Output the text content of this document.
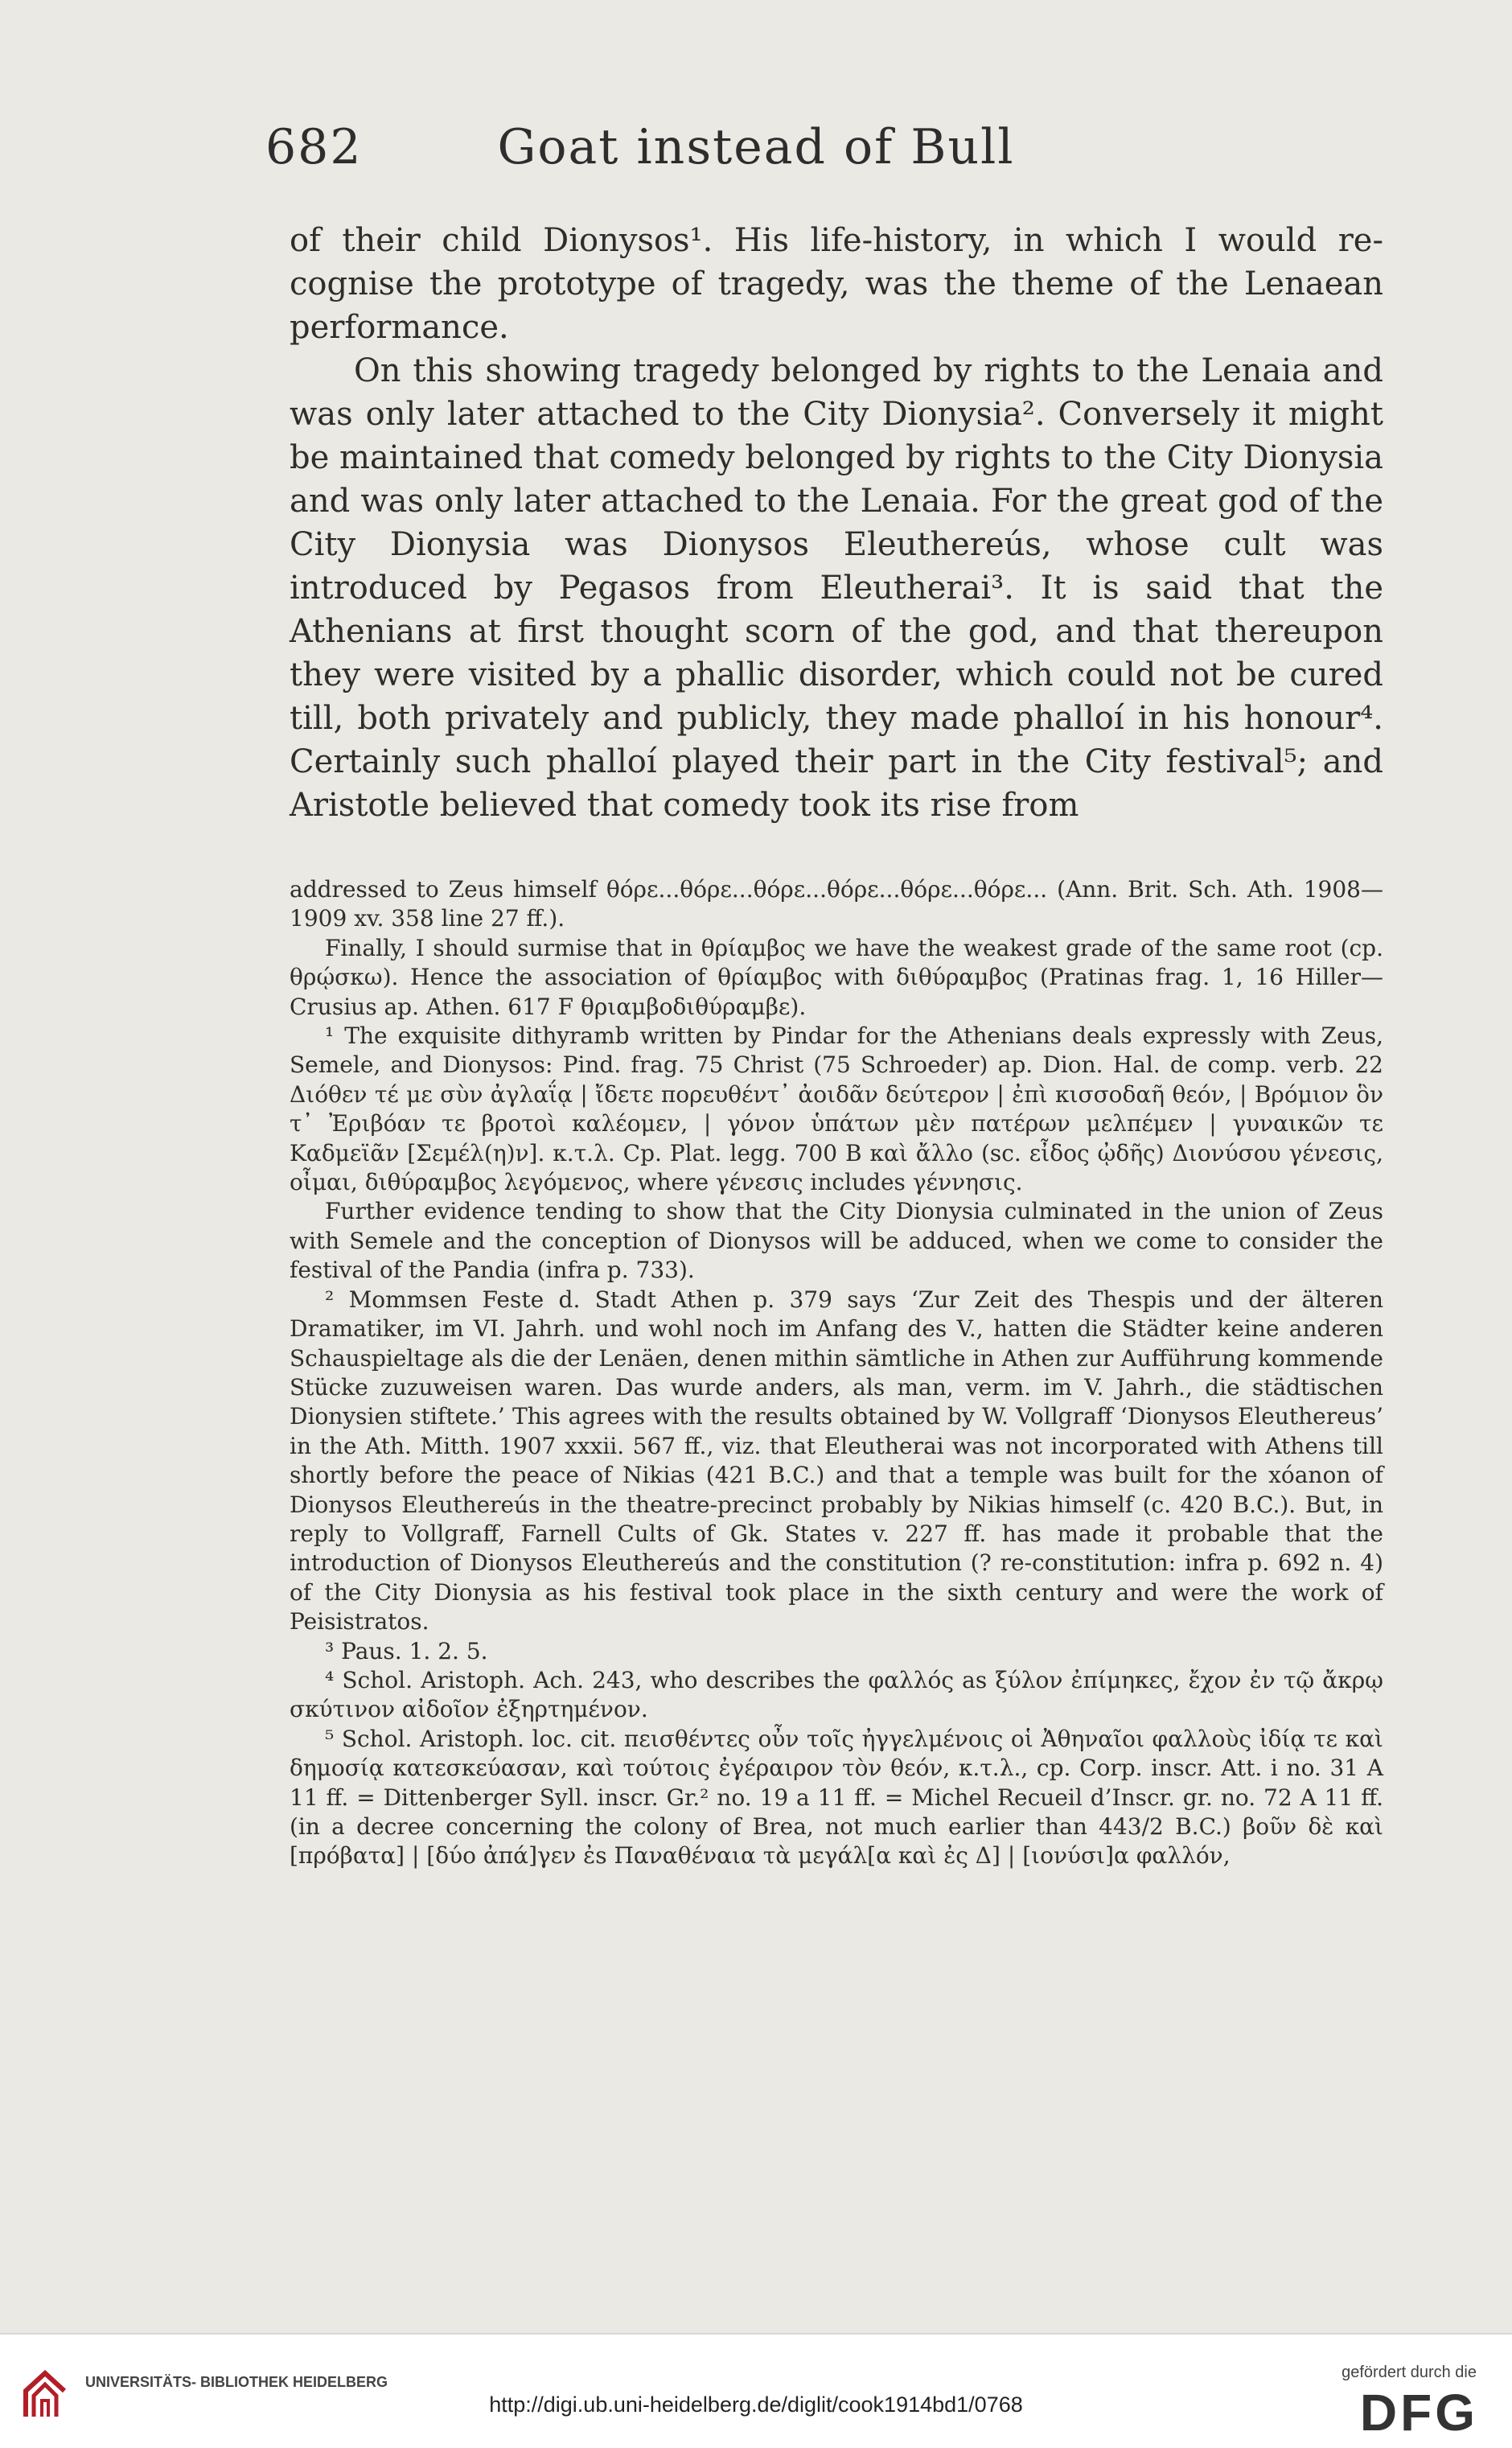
682	Goat instead of Bull

of their child Dionysos¹. His life-history, in which I would re-cognise the prototype of tragedy, was the theme of the Lenaean performance.

On this showing tragedy belonged by rights to the Lenaia and was only later attached to the City Dionysia². Conversely it might be maintained that comedy belonged by rights to the City Dionysia and was only later attached to the Lenaia. For the great god of the City Dionysia was Dionysos Eleuthereús, whose cult was introduced by Pegasos from Eleutherai³. It is said that the Athenians at first thought scorn of the god, and that thereupon they were visited by a phallic disorder, which could not be cured till, both privately and publicly, they made phalloí in his honour⁴. Certainly such phalloí played their part in the City festival⁵; and Aristotle believed that comedy took its rise from

addressed to Zeus himself θόρε...θόρε...θόρε...θόρε...θόρε...θόρε... (Ann. Brit. Sch. Ath. 1908—1909 xv. 358 line 27 ff.).

Finally, I should surmise that in θρίαμβος we have the weakest grade of the same root (cp. θρῴσκω). Hence the association of θρίαμβος with διθύραμβος (Pratinas frag. 1, 16 Hiller—Crusius ap. Athen. 617 F θριαμβοδιθύραμβε).

¹ The exquisite dithyramb written by Pindar for the Athenians deals expressly with Zeus, Semele, and Dionysos: Pind. frag. 75 Christ (75 Schroeder) ap. Dion. Hal. de comp. verb. 22 Διόθεν τέ με σὺν ἀγλαΐᾳ | ἴδετε πορευθέντ᾽ ἀοιδᾶν δεύτερον | ἐπὶ κισσοδαῆ θεόν, | Βρόμιον ὃν τ᾽ Ἐριβόαν τε βροτοὶ καλέομεν, | γόνον ὑπάτων μὲν πατέρων μελπέμεν | γυναικῶν τε Καδμεϊᾶν [Σεμέλ(η)ν]. κ.τ.λ. Cp. Plat. legg. 700 B καὶ ἄλλο (sc. εἶδος ᾠδῆς) Διονύσου γένεσις, οἶμαι, διθύραμβος λεγόμενος, where γένεσις includes γέννησις.

Further evidence tending to show that the City Dionysia culminated in the union of Zeus with Semele and the conception of Dionysos will be adduced, when we come to consider the festival of the Pandia (infra p. 733).

² Mommsen Feste d. Stadt Athen p. 379 says ‘Zur Zeit des Thespis und der älteren Dramatiker, im VI. Jahrh. und wohl noch im Anfang des V., hatten die Städter keine anderen Schauspieltage als die der Lenäen, denen mithin sämtliche in Athen zur Aufführung kommende Stücke zuzuweisen waren. Das wurde anders, als man, verm. im V. Jahrh., die städtischen Dionysien stiftete.’ This agrees with the results obtained by W. Vollgraff ‘Dionysos Eleuthereus’ in the Ath. Mitth. 1907 xxxii. 567 ff., viz. that Eleutherai was not incorporated with Athens till shortly before the peace of Nikias (421 B.C.) and that a temple was built for the xóanon of Dionysos Eleuthereús in the theatre-precinct probably by Nikias himself (c. 420 B.C.). But, in reply to Vollgraff, Farnell Cults of Gk. States v. 227 ff. has made it probable that the introduction of Dionysos Eleuthereús and the constitution (? re-constitution: infra p. 692 n. 4) of the City Dionysia as his festival took place in the sixth century and were the work of Peisistratos.

³ Paus. 1. 2. 5.

⁴ Schol. Aristoph. Ach. 243, who describes the φαλλός as ξύλον ἐπίμηκες, ἔχον ἐν τῷ ἄκρῳ σκύτινον αἰδοῖον ἐξηρτημένον.

⁵ Schol. Aristoph. loc. cit. πεισθέντες οὖν τοῖς ἠγγελμένοις οἱ Ἀθηναῖοι φαλλοὺς ἰδίᾳ τε καὶ δημοσίᾳ κατεσκεύασαν, καὶ τούτοις ἐγέραιρον τὸν θεόν, κ.τ.λ., cp. Corp. inscr. Att. i no. 31 A 11 ff. = Dittenberger Syll. inscr. Gr.² no. 19 a 11 ff. = Michel Recueil d’Inscr. gr. no. 72 A 11 ff. (in a decree concerning the colony of Brea, not much earlier than 443/2 B.C.) βοῦν δὲ καὶ [πρόβατα] | [δύο ἀπά]γεν ἐs Παναθέναια τὰ μεγάλ[α καὶ ἐς Δ] | [ιονύσι]α φαλλόν,

UNIVERSITÄTS- BIBLIOTHEK HEIDELBERG
http://digi.ub.uni-heidelberg.de/diglit/cook1914bd1/0768
gefördert durch die
DFG
